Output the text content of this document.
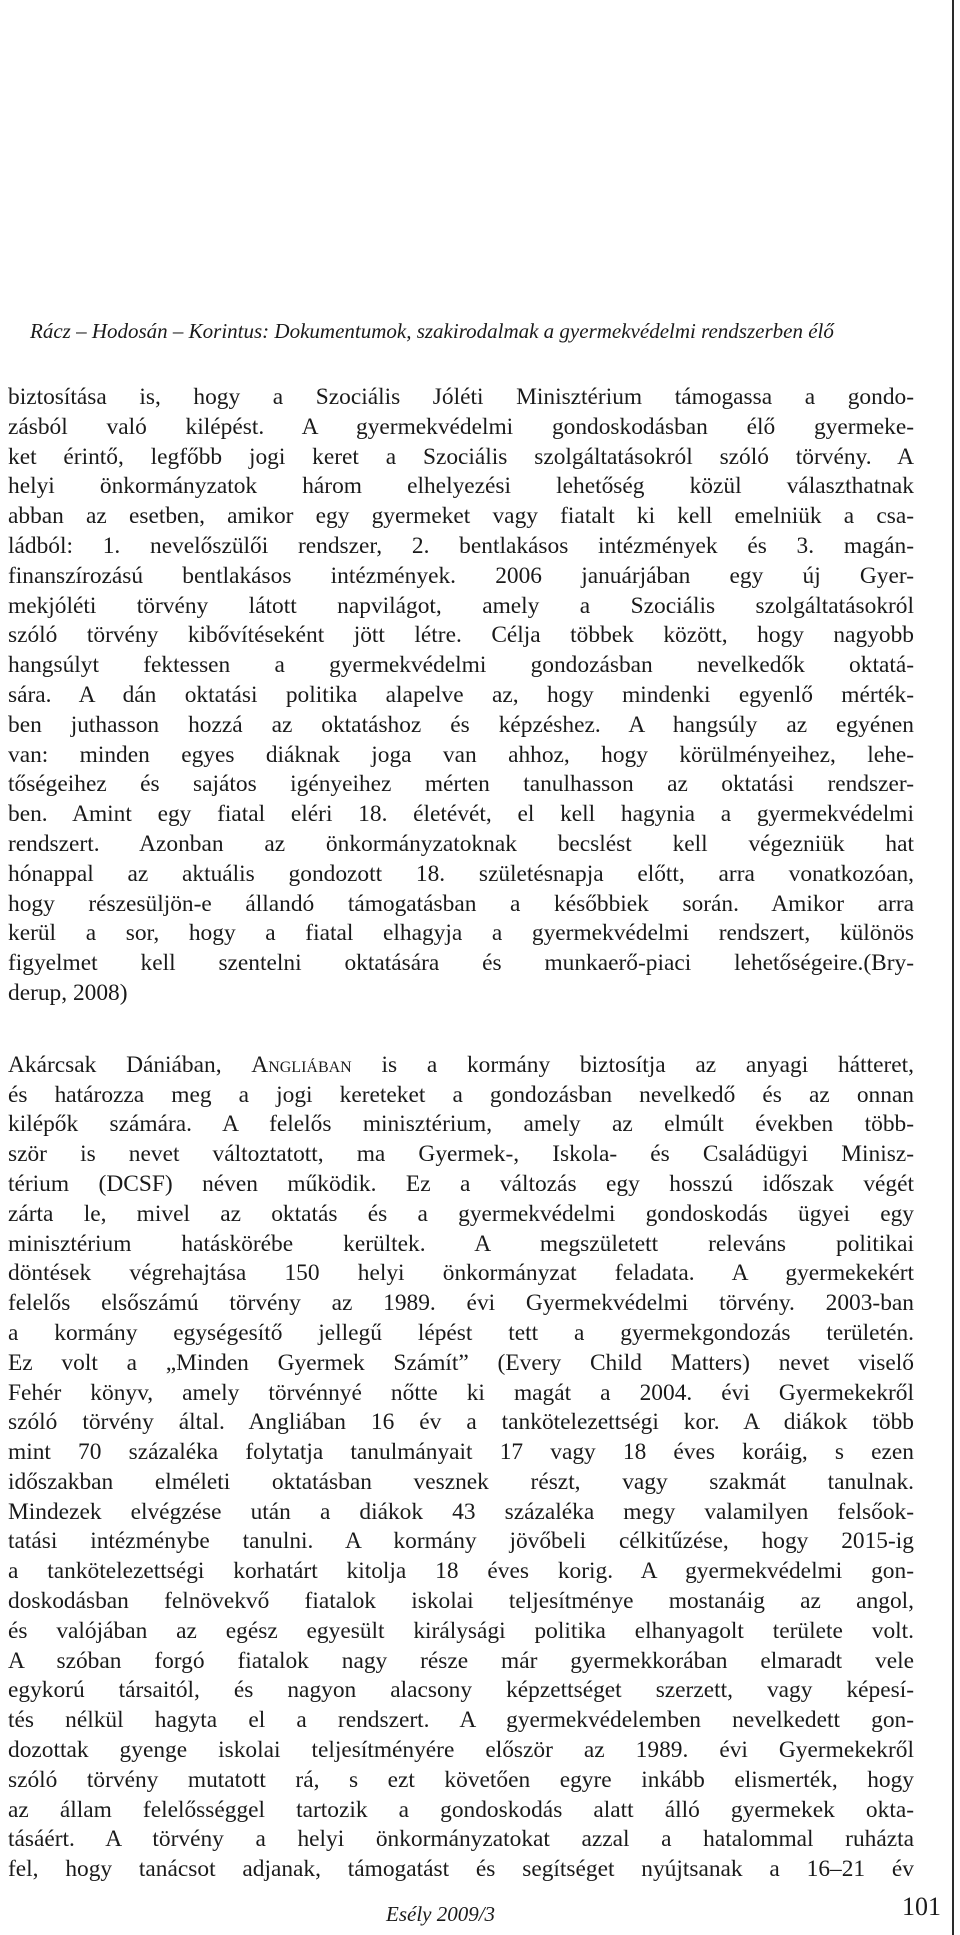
Rácz – Hodosán – Korintus: Dokumentumok, szakirodalmak a gyermekvédelmi rendszerben élő
biztosítása is, hogy a Szociális Jóléti Minisztérium támogassa a gondo-
zásból való kilépést. A gyermekvédelmi gondoskodásban élő gyermeke-
ket érintő, legfőbb jogi keret a Szociális szolgáltatásokról szóló törvény. A
helyi önkormányzatok három elhelyezési lehetőség közül választhatnak
abban az esetben, amikor egy gyermeket vagy fiatalt ki kell emelniük a csa-
ládból: 1. nevelőszülői rendszer, 2. bentlakásos intézmények és 3. magán-
finanszírozású bentlakásos intézmények. 2006 januárjában egy új Gyer-
mekjóléti törvény látott napvilágot, amely a Szociális szolgáltatásokról
szóló törvény kibővítéseként jött létre. Célja többek között, hogy nagyobb
hangsúlyt fektessen a gyermekvédelmi gondozásban nevelkedők oktatá-
sára. A dán oktatási politika alapelve az, hogy mindenki egyenlő mérték-
ben juthasson hozzá az oktatáshoz és képzéshez. A hangsúly az egyénen
van: minden egyes diáknak joga van ahhoz, hogy körülményeihez, lehe-
tőségeihez és sajátos igényeihez mérten tanulhasson az oktatási rendszer-
ben. Amint egy fiatal eléri 18. életévét, el kell hagynia a gyermekvédelmi
rendszert. Azonban az önkormányzatoknak becslést kell végezniük hat
hónappal az aktuális gondozott 18. születésnapja előtt, arra vonatkozóan,
hogy részesüljön-e állandó támogatásban a későbbiek során. Amikor arra
kerül a sor, hogy a fiatal elhagyja a gyermekvédelmi rendszert, különös
figyelmet kell szentelni oktatására és munkaerő-piaci lehetőségeire.(Bry-
derup, 2008)
Akárcsak Dániában, Angliában is a kormány biztosítja az anyagi hátteret,
és határozza meg a jogi kereteket a gondozásban nevelkedő és az onnan
kilépők számára. A felelős minisztérium, amely az elmúlt években több-
ször is nevet változtatott, ma Gyermek-, Iskola- és Családügyi Minisz-
térium (DCSF) néven működik. Ez a változás egy hosszú időszak végét
zárta le, mivel az oktatás és a gyermekvédelmi gondoskodás ügyei egy
minisztérium hatáskörébe kerültek. A megszületett releváns politikai
döntések végrehajtása 150 helyi önkormányzat feladata. A gyermekekért
felelős elsőszámú törvény az 1989. évi Gyermekvédelmi törvény. 2003-ban
a kormány egységesítő jellegű lépést tett a gyermekgondozás területén.
Ez volt a „Minden Gyermek Számít” (Every Child Matters) nevet viselő
Fehér könyv, amely törvénnyé nőtte ki magát a 2004. évi Gyermekekről
szóló törvény által. Angliában 16 év a tankötelezettségi kor. A diákok több
mint 70 százaléka folytatja tanulmányait 17 vagy 18 éves koráig, s ezen
időszakban elméleti oktatásban vesznek részt, vagy szakmát tanulnak.
Mindezek elvégzése után a diákok 43 százaléka megy valamilyen felsőok-
tatási intézménybe tanulni. A kormány jövőbeli célkitűzése, hogy 2015-ig
a tankötelezettségi korhatárt kitolja 18 éves korig. A gyermekvédelmi gon-
doskodásban felnövekvő fiatalok iskolai teljesítménye mostanáig az angol,
és valójában az egész egyesült királysági politika elhanyagolt területe volt.
A szóban forgó fiatalok nagy része már gyermekkorában elmaradt vele
egykorú társaitól, és nagyon alacsony képzettséget szerzett, vagy képesí-
tés nélkül hagyta el a rendszert. A gyermekvédelemben nevelkedett gon-
dozottak gyenge iskolai teljesítményére először az 1989. évi Gyermekekről
szóló törvény mutatott rá, s ezt követően egyre inkább elismerték, hogy
az állam felelősséggel tartozik a gondoskodás alatt álló gyermekek okta-
tásáért. A törvény a helyi önkormányzatokat azzal a hatalommal ruházta
fel, hogy tanácsot adjanak, támogatást és segítséget nyújtsanak a 16–21 év
Esély 2009/3	101
